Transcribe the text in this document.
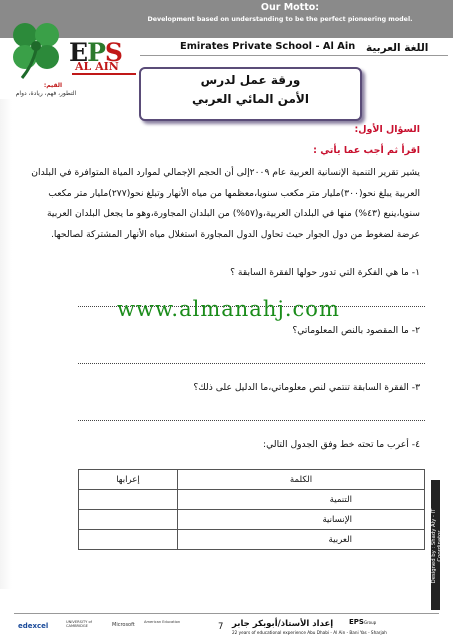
Our Motto:
Development based on understanding to be the perfect pioneering model.
EPS
AL AIN
القيم:
التطور، فهم، ريادة، دوام
Emirates Private School - Al Ain اللغة العربية
ورقة عمل لدرس
الأمن المائي العربي
السؤال الأول:
اقرأ ثم أجب عما يأتي :
يشير تقرير التنمية الإنسانية العربية عام ٢٠٠٩إلى أن الحجم الإجمالي لموارد المياة المتوافرة في البلدان العربية يبلغ نحو(٣٠٠)مليار متر مكعب سنويا،معظمها من مياه الأنهار وتبلغ نحو(٢٧٧)مليار متر مكعب سنويا،ينبع (٤٣%) منها في البلدان العربية،و(٥٧%) من البلدان المجاورة،وهو ما يجعل البلدان العربية عرضة لضغوط من دول الجوار حيث تحاول الدول المجاورة استغلال مياه الأنهار المشتركة لصالحها.
١- ما هي الفكرة التي تدور حولها الفقرة السابقة ؟
www.almanahj.com
٢- ما المقصود بالنص المعلوماتي؟
٣- الفقرة السابقة تنتمي لنص معلوماتي،ما الدليل على ذلك؟
٤- أعرب ما تحته خط وفق الجدول التالي:
الكلمة	إعرابها
التنمية	
الإنسانية	
العربية		Designed by : Shady Aly - IT Coordinator
edexcel	UNIVERSITY of CAMBRIDGE	Microsoft	American Education	7 إعداد الأستاذ/أبوبكر جابر EPSGroup
22 years of educational experience Abu Dhabi - Al Ain - Bani Yas - Sharjah
